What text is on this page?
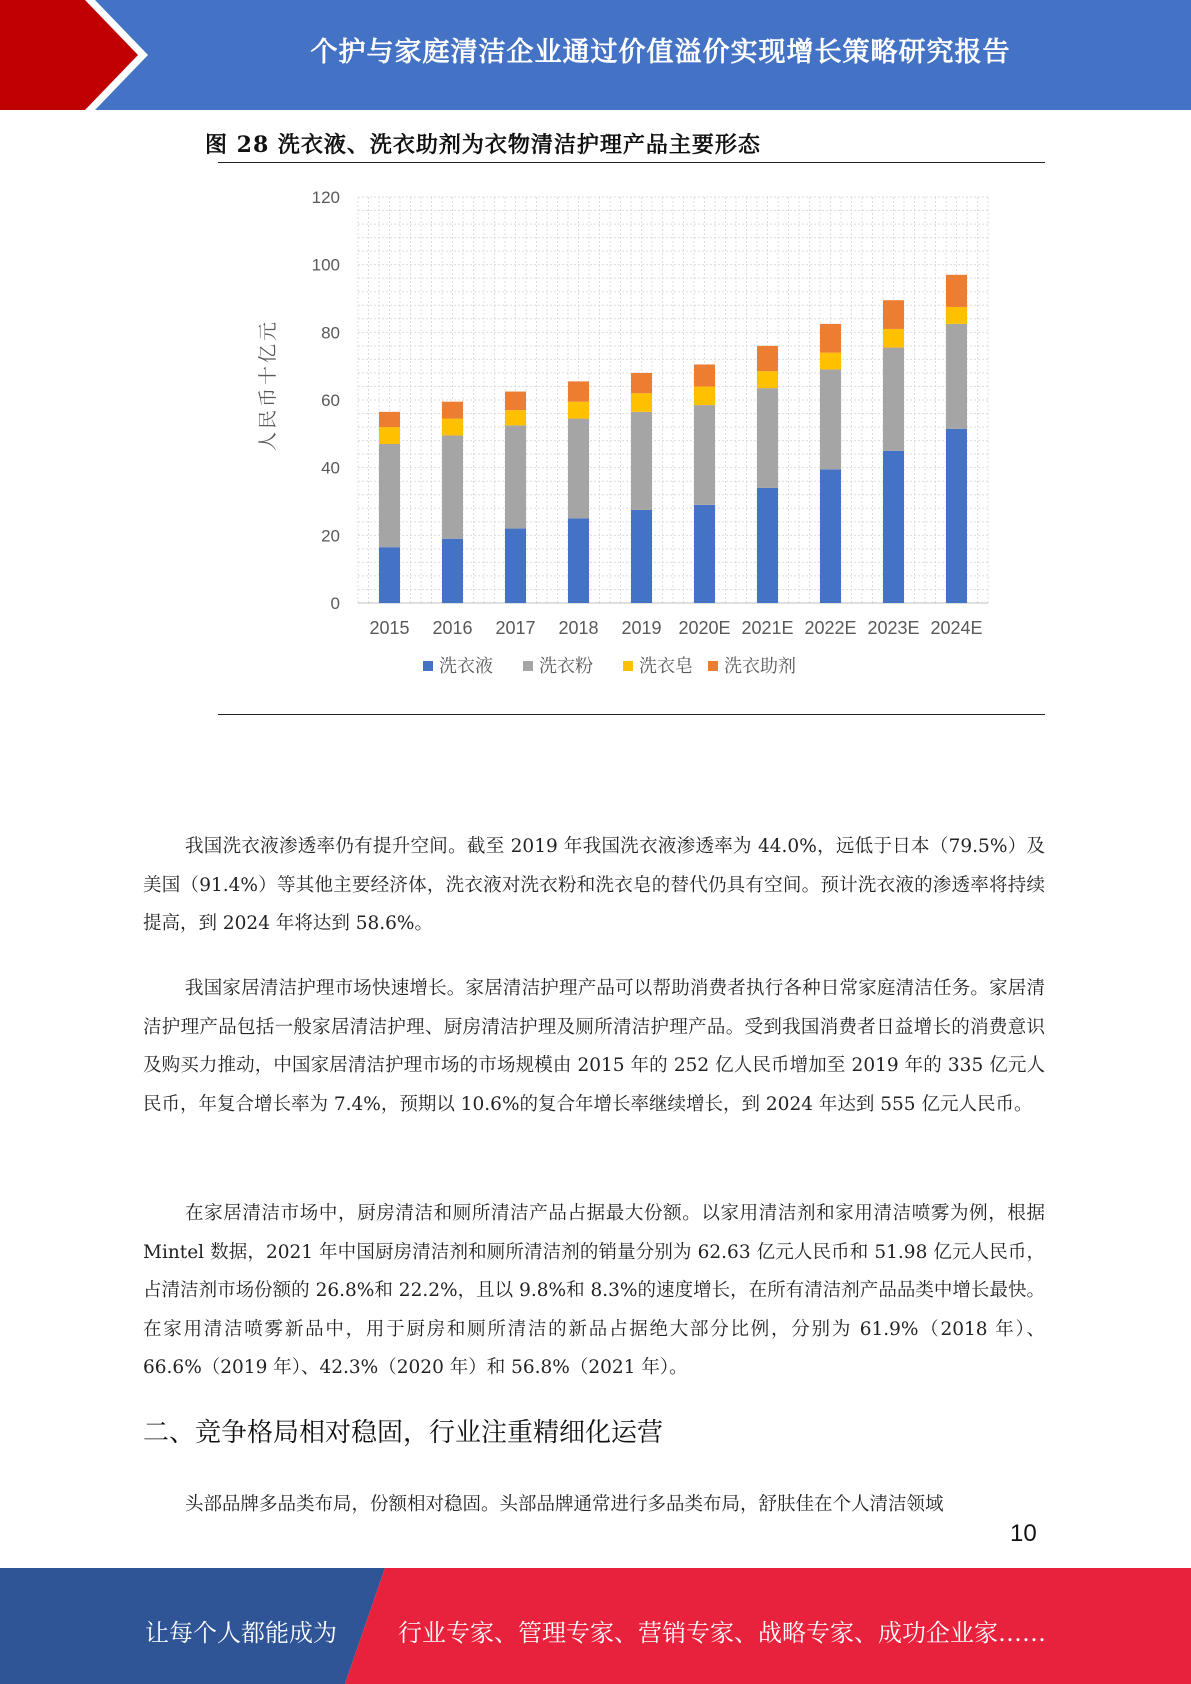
个护与家庭清洁企业通过价值溢价实现增长策略研究报告
图 28 洗衣液、洗衣助剂为衣物清洁护理产品主要形态
0
20
40
60
80
100
120
人民币十亿元
2015 2016 2017 2018 2019 2020E 2021E 2022E 2023E 2024E
洗衣液	洗衣粉	洗衣皂 洗衣助剂
我国洗衣液渗透率仍有提升空间。截至 2019 年我国洗衣液渗透率为 44.0%，远低于日本（79.5%）及美国（91.4%）等其他主要经济体，洗衣液对洗衣粉和洗衣皂的替代仍具有空间。预计洗衣液的渗透率将持续提高，到 2024 年将达到 58.6%。
我国家居清洁护理市场快速增长。家居清洁护理产品可以帮助消费者执行各种日常家庭清洁任务。家居清洁护理产品包括一般家居清洁护理、厨房清洁护理及厕所清洁护理产品。受到我国消费者日益增长的消费意识及购买力推动，中国家居清洁护理市场的市场规模由 2015 年的 252 亿人民币增加至 2019 年的 335 亿元人民币，年复合增长率为 7.4%，预期以 10.6%的复合年增长率继续增长，到 2024 年达到 555 亿元人民币。
在家居清洁市场中，厨房清洁和厕所清洁产品占据最大份额。以家用清洁剂和家用清洁喷雾为例，根据 Mintel 数据，2021 年中国厨房清洁剂和厕所清洁剂的销量分别为 62.63 亿元人民币和 51.98 亿元人民币，占清洁剂市场份额的 26.8%和 22.2%，且以 9.8%和 8.3%的速度增长，在所有清洁剂产品品类中增长最快。在家用清洁喷雾新品中，用于厨房和厕所清洁的新品占据绝大部分比例，分别为 61.9%（2018 年）、66.6%（2019 年）、42.3%（2020 年）和 56.8%（2021 年）。
二、竞争格局相对稳固，行业注重精细化运营
头部品牌多品类布局，份额相对稳固。头部品牌通常进行多品类布局，舒肤佳在个人清洁领域
10
让每个人都能成为	行业专家、管理专家、营销专家、战略专家、成功企业家……
